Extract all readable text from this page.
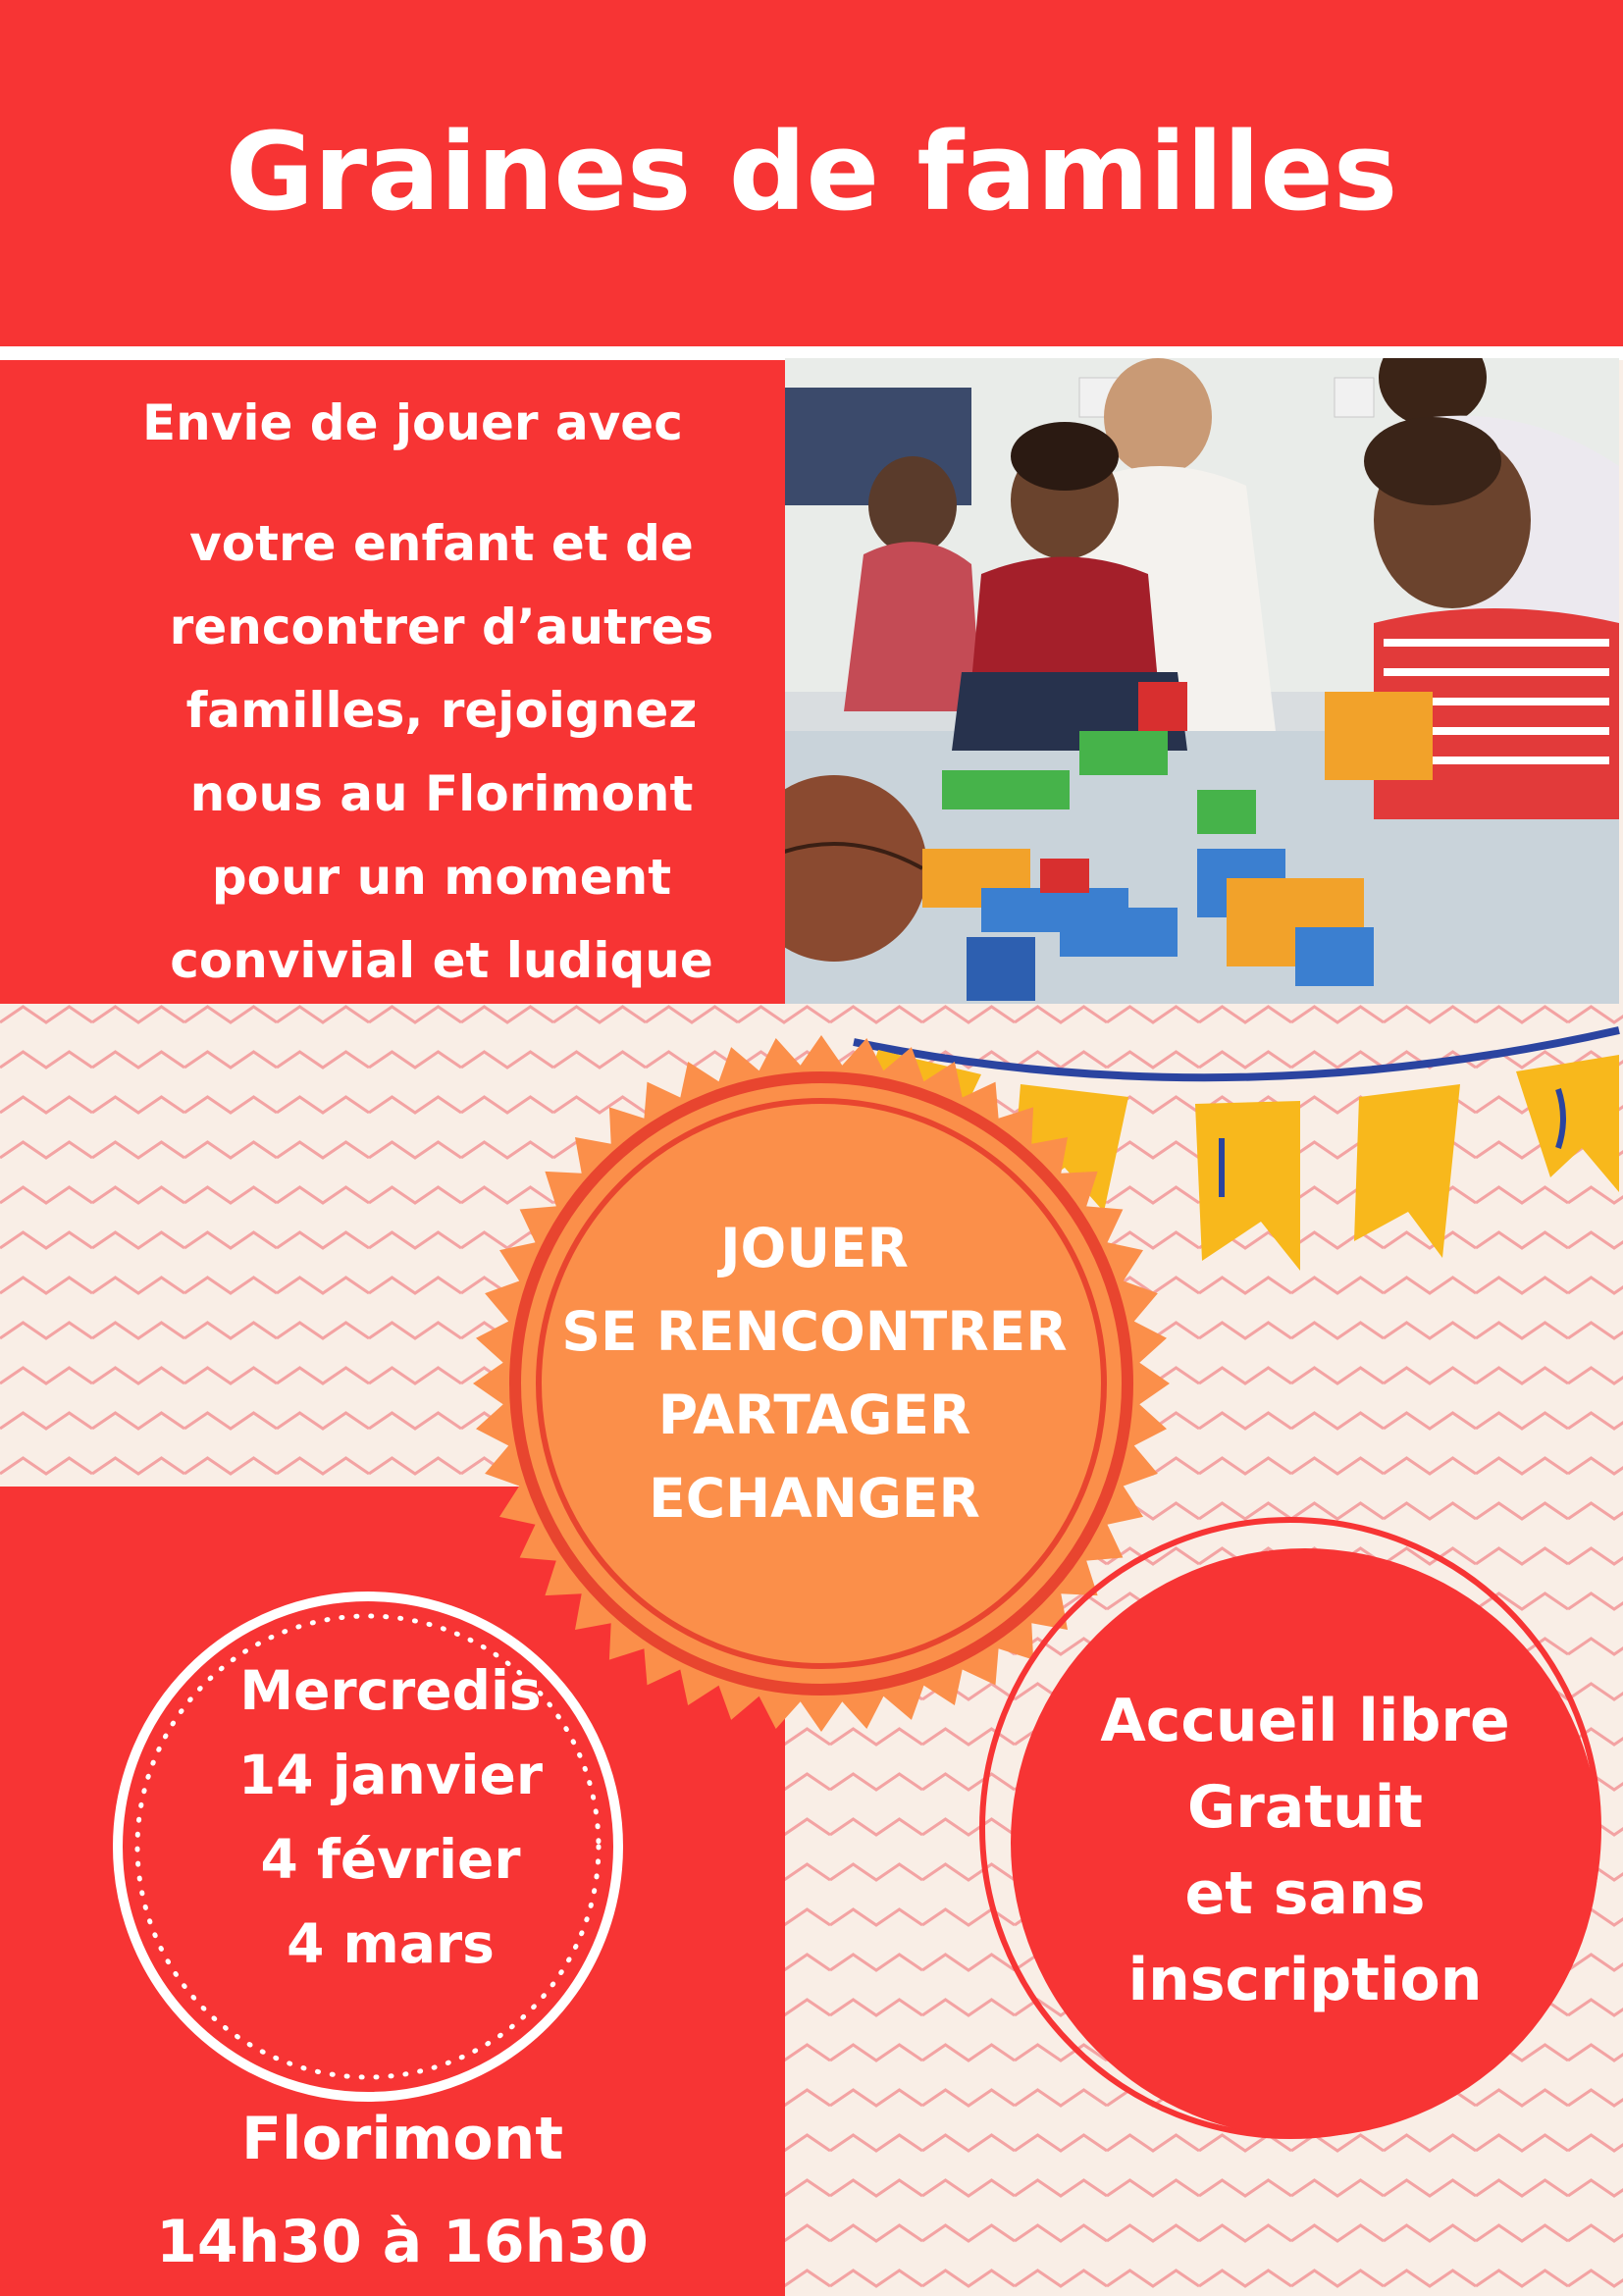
Graines de familles
Envie de jouer avec
votre enfant et de
rencontrer d’autres
familles, rejoignez
nous au Florimont
pour un moment
convivial et ludique
JOUER
SE RENCONTRER
PARTAGER
ECHANGER
Mercredis
14 janvier
4 février
4 mars
Florimont
14h30 à 16h30
Accueil libre
Gratuit
et sans
inscription
